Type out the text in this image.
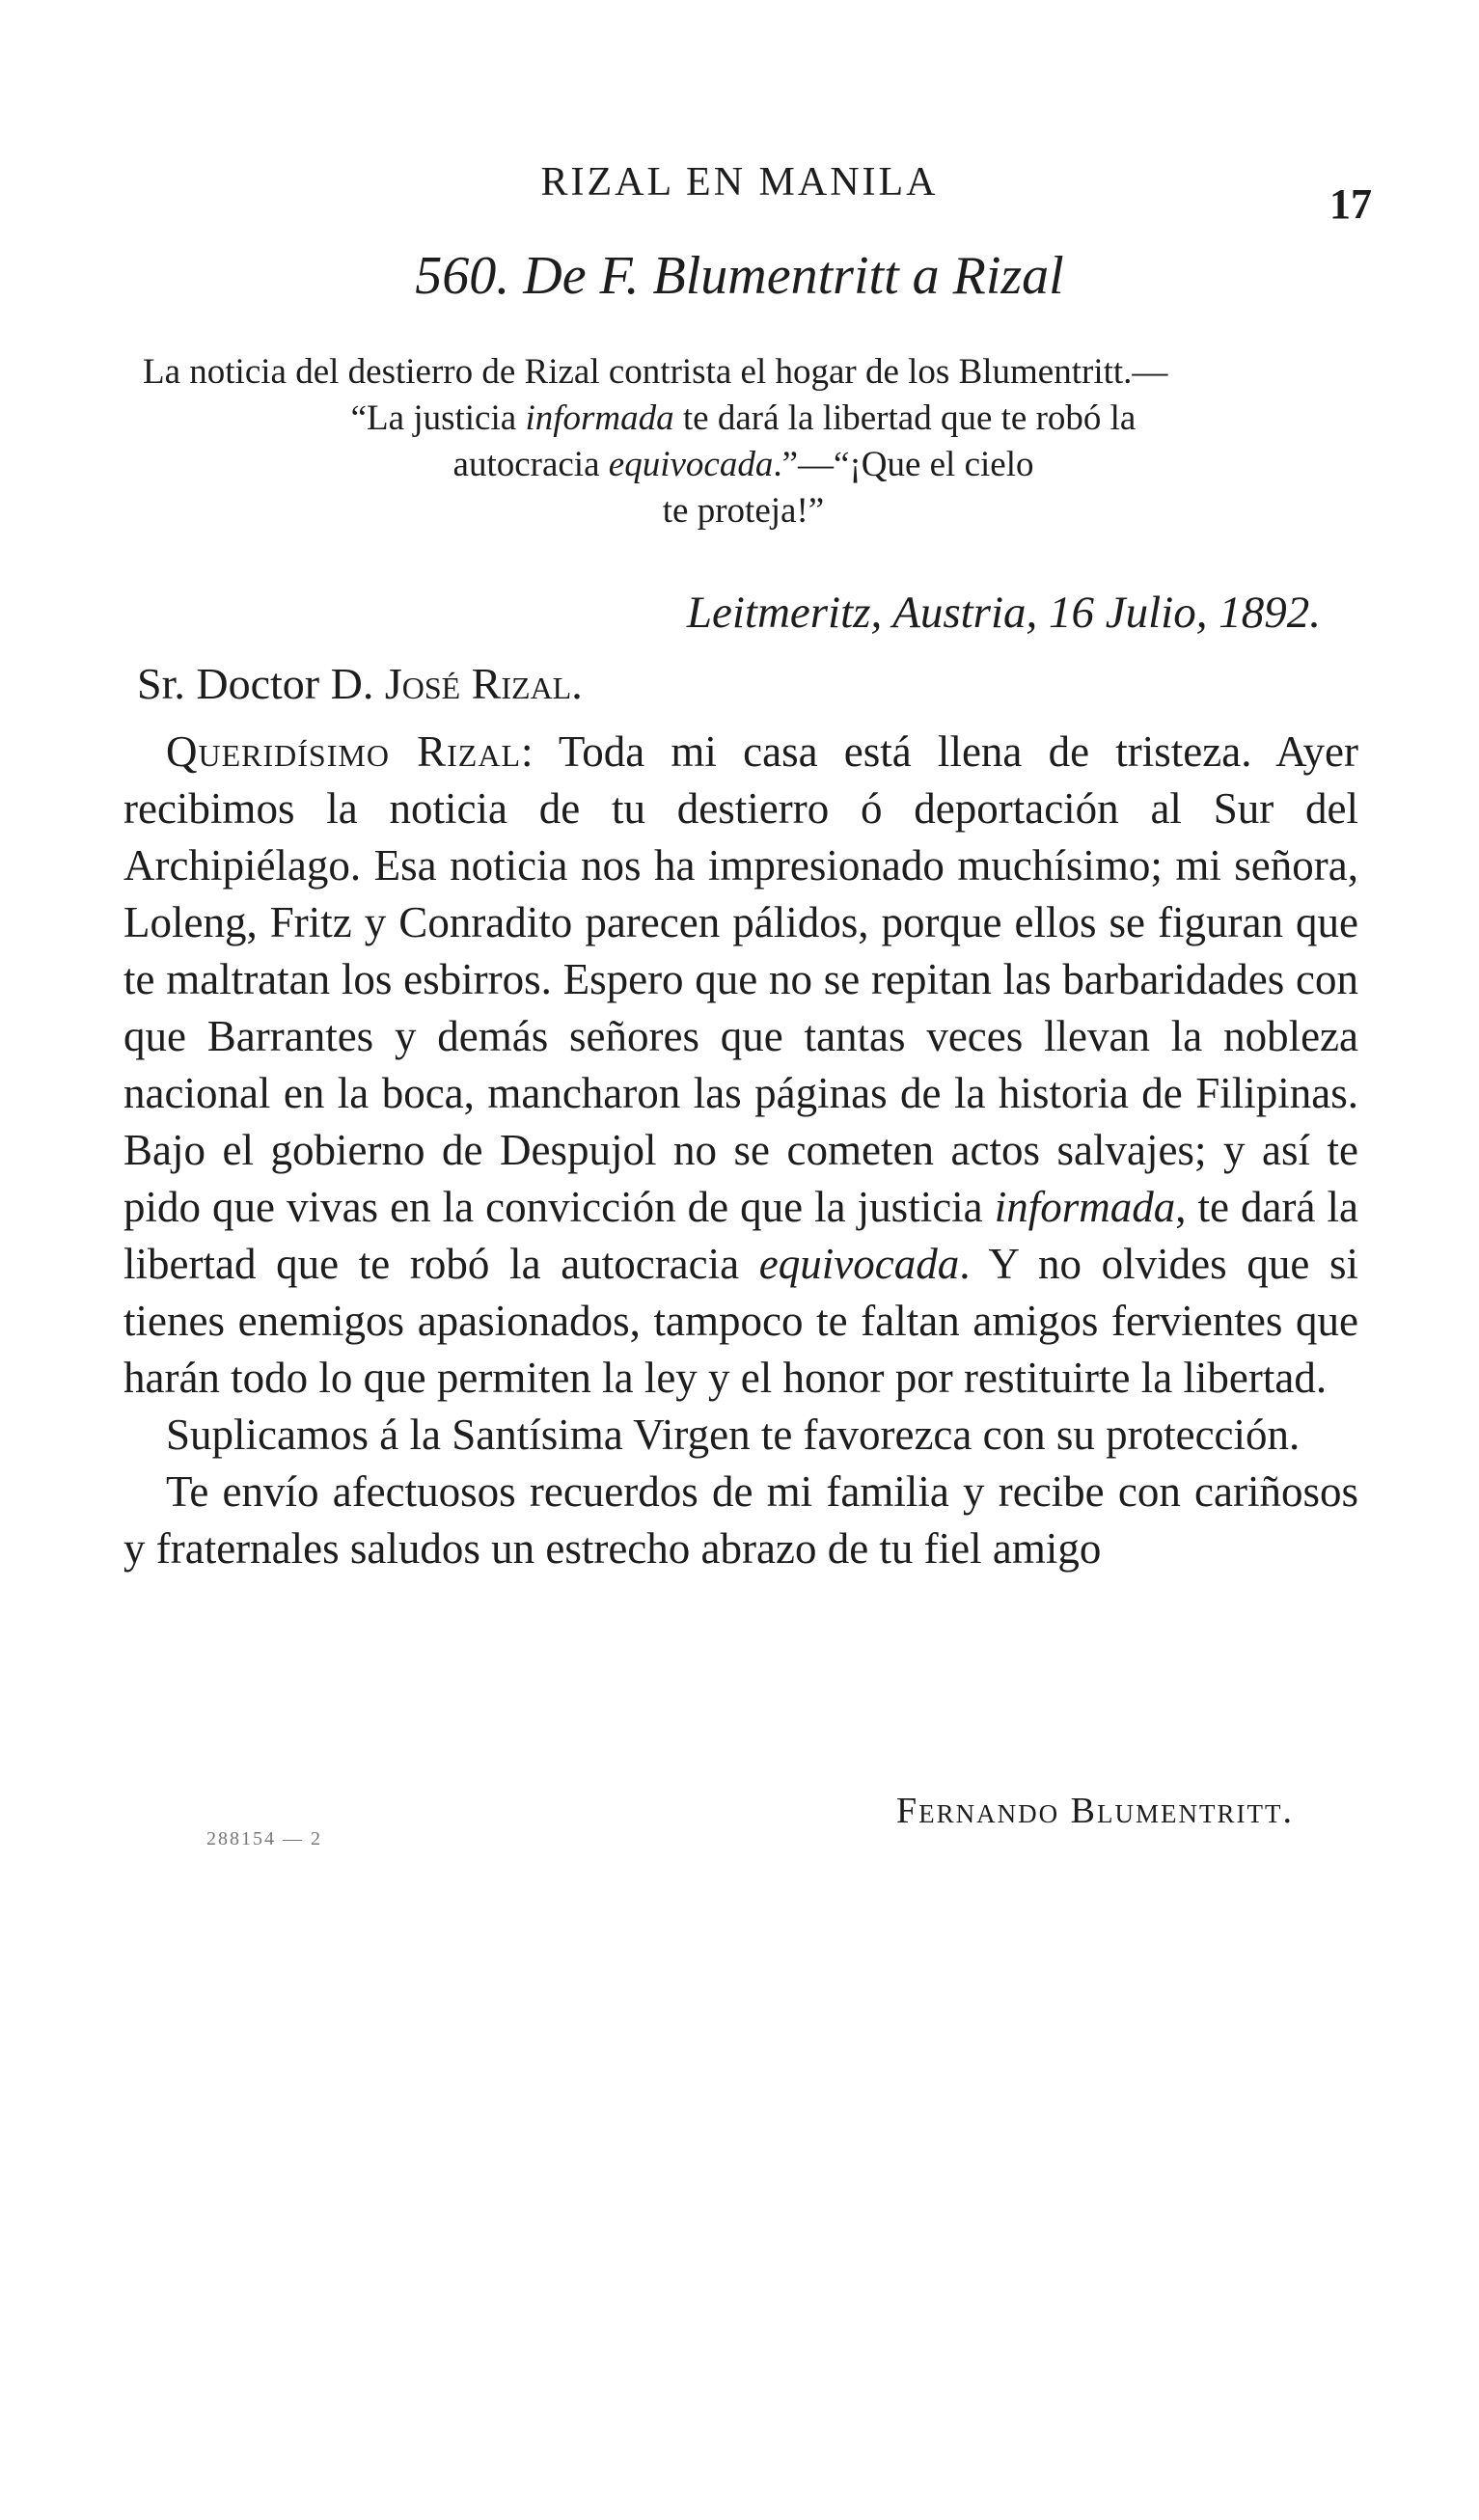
RIZAL EN MANILA	17
560. De F. Blumentritt a Rizal
La noticia del destierro de Rizal contrista el hogar de los Blumentritt.—
“La justicia informada te dará la libertad que te robó la
autocracia equivocada.”—“¡Que el cielo
te proteja!”
Leitmeritz, Austria, 16 Julio, 1892.
Sr. Doctor D. José Rizal.

Queridísimo Rizal: Toda mi casa está llena de tristeza. Ayer recibimos la noticia de tu destierro ó deportación al Sur del Archipiélago. Esa noticia nos ha impresionado muchísimo; mi señora, Loleng, Fritz y Conradito parecen pálidos, porque ellos se figuran que te maltratan los esbirros. Espero que no se repitan las barbaridades con que Barrantes y demás señores que tantas veces llevan la nobleza nacional en la boca, mancharon las páginas de la historia de Filipinas. Bajo el gobierno de Despujol no se cometen actos salvajes; y así te pido que vivas en la convicción de que la justicia informada, te dará la libertad que te robó la autocracia equivocada. Y no olvides que si tienes enemigos apasionados, tampoco te faltan amigos fervientes que harán todo lo que permiten la ley y el honor por restituirte la libertad.

Suplicamos á la Santísima Virgen te favorezca con su protección.

Te envío afectuosos recuerdos de mi familia y recibe con cariñosos y fraternales saludos un estrecho abrazo de tu fiel amigo

Fernando Blumentritt.
288154 — 2
